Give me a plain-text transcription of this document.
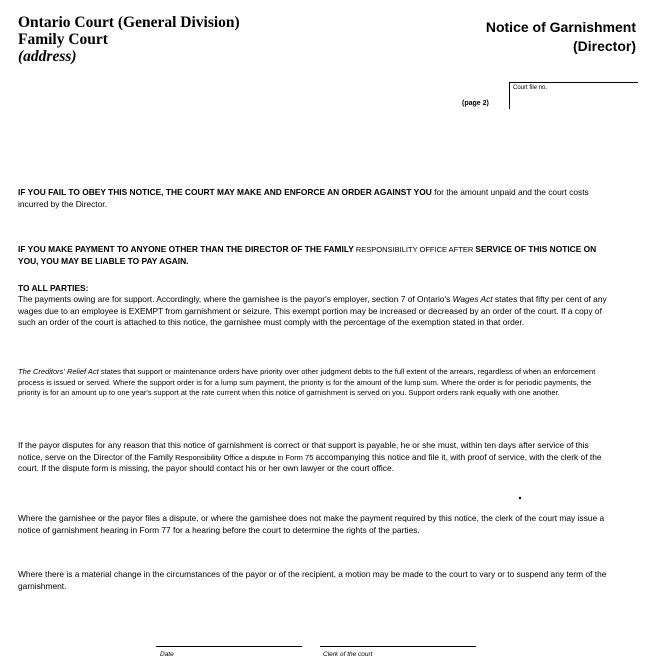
Ontario Court (General Division)
Family Court
(address)
Notice of Garnishment
(Director)
Court file no.
(page 2)
IF YOU FAIL TO OBEY THIS NOTICE, THE COURT MAY MAKE AND ENFORCE AN ORDER AGAINST YOU for the amount unpaid and the court costs incurred by the Director.
IF YOU MAKE PAYMENT TO ANYONE OTHER THAN THE DIRECTOR OF THE FAMILY RESPONSIBILITY OFFICE AFTER SERVICE OF THIS NOTICE ON YOU, YOU MAY BE LIABLE TO PAY AGAIN.
TO ALL PARTIES:
The payments owing are for support. Accordingly, where the garnishee is the payor's employer, section 7 of Ontario's Wages Act states that fifty per cent of any wages due to an employee is EXEMPT from garnishment or seizure. This exempt portion may be increased or decreased by an order of the court. If a copy of such an order of the court is attached to this notice, the garnishee must comply with the percentage of the exemption stated in that order.
The Creditors' Relief Act states that support or maintenance orders have priority over other judgment debts to the full extent of the arrears, regardless of when an enforcement process is issued or served. Where the support order is for a lump sum payment, the priority is for the amount of the lump sum. Where the order is for periodic payments, the priority is for an amount up to one year's support at the rate current when this notice of garnishment is served on you. Support orders rank equally with one another.
If the payor disputes for any reason that this notice of garnishment is correct or that support is payable, he or she must, within ten days after service of this notice, serve on the Director of the Family Responsibility Office a dispute in Form 75 accompanying this notice and file it, with proof of service, with the clerk of the court. If the dispute form is missing, the payor should contact his or her own lawyer or the court office.
Where the garnishee or the payor files a dispute, or where the garnishee does not make the payment required by this notice, the clerk of the court may issue a notice of garnishment hearing in Form 77 for a hearing before the court to determine the rights of the parties.
Where there is a material change in the circumstances of the payor or of the recipient, a motion may be made to the court to vary or to suspend any term of the garnishment.
Date	Clerk of the court
